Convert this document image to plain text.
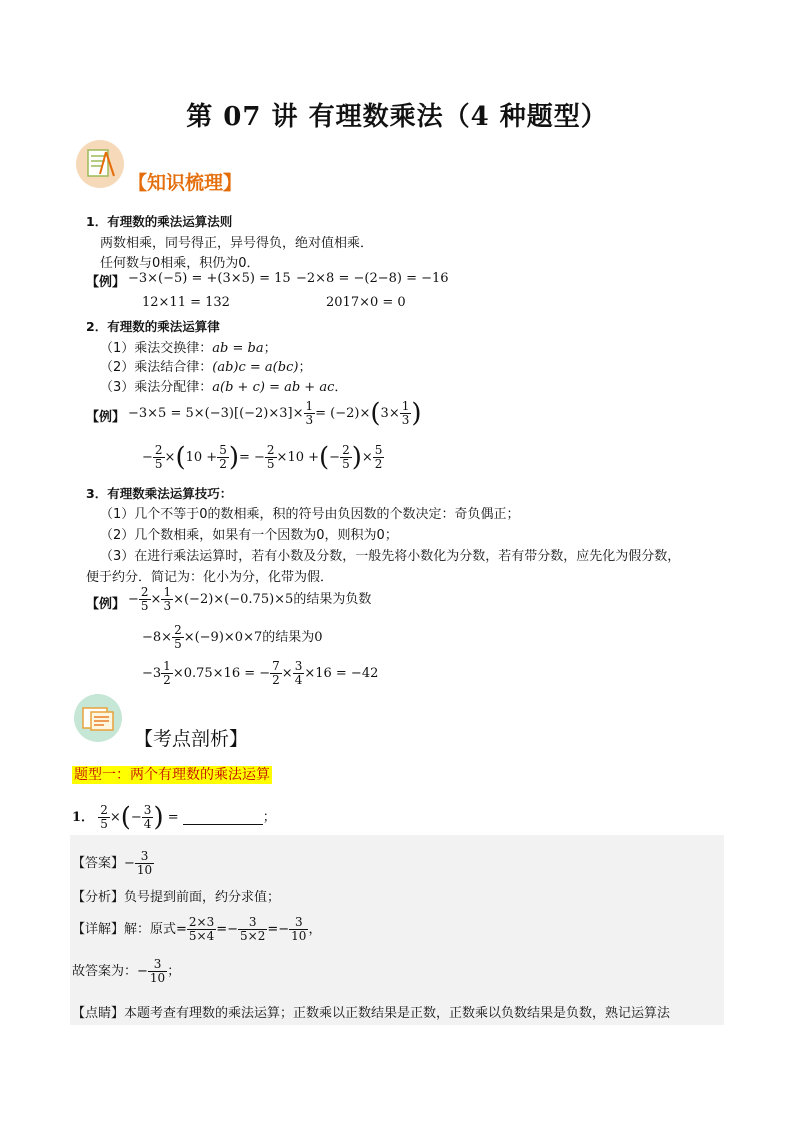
第 07 讲 有理数乘法（4 种题型）
【知识梳理】
1．有理数的乘法运算法则
两数相乘，同号得正，异号得负，绝对值相乘．
任何数与0相乘，积仍为0．
【例】 −3×(−5) = +(3×5) = 15 −2×8 = −(2−8) = −16
12×11 = 132	2017×0 = 0
2．有理数的乘法运算律
（1）乘法交换律：ab = ba；
（2）乘法结合律：(ab)c = a(bc)；
（3）乘法分配律：a(b + c) = ab + ac．
【例】 −3×5 = 5×(−3) $[(-2)\times 3]\times \frac{1}{3} = (-2)\times(3\times \frac{1}{3}$ )
− $\frac{2}{5} \times(10 + \frac{5}{2}$ )= − $\frac{2}{5} \times 10$ +(− $\frac{2}{5}$ )× $\frac{5}{2}$
3．有理数乘法运算技巧：
（1）几个不等于0的数相乘，积的符号由负因数的个数决定：奇负偶正；
（2）几个数相乘，如果有一个因数为0，则积为0；
（3）在进行乘法运算时，若有小数及分数，一般先将小数化为分数，若有带分数，应先化为假分数，
便于约分．简记为：化小为分，化带为假．
【例】 − $\frac{2}{5} \times \frac{1}{3} \times(-2)\times(-0.75)\times 5$的结果为负数
$-8\times \frac{2}{5} \times(-9)\times 0\times 7$的结果为0
$-3 \frac{1}{2} \times 0.75\times 16$ = − $\frac{7}{2} \times \frac{3}{4} \times 16 = -42$
【考点剖析】
题型一：两个有理数的乘法运算
1． $\frac{2}{5}$ ×(− $\frac{3}{4}$ ) =	；
【答案】− $\frac{3}{10}$
【分析】负号提到前面，约分求值；
【详解】解：原式= $\frac{2\times 3}{5\times 4} =- \frac{3}{5\times 2} =- \frac{3}{10}$ ，
故答案为：− $\frac{3}{10}$ ；
【点睛】本题考查有理数的乘法运算；正数乘以正数结果是正数，正数乘以负数结果是负数，熟记运算法
